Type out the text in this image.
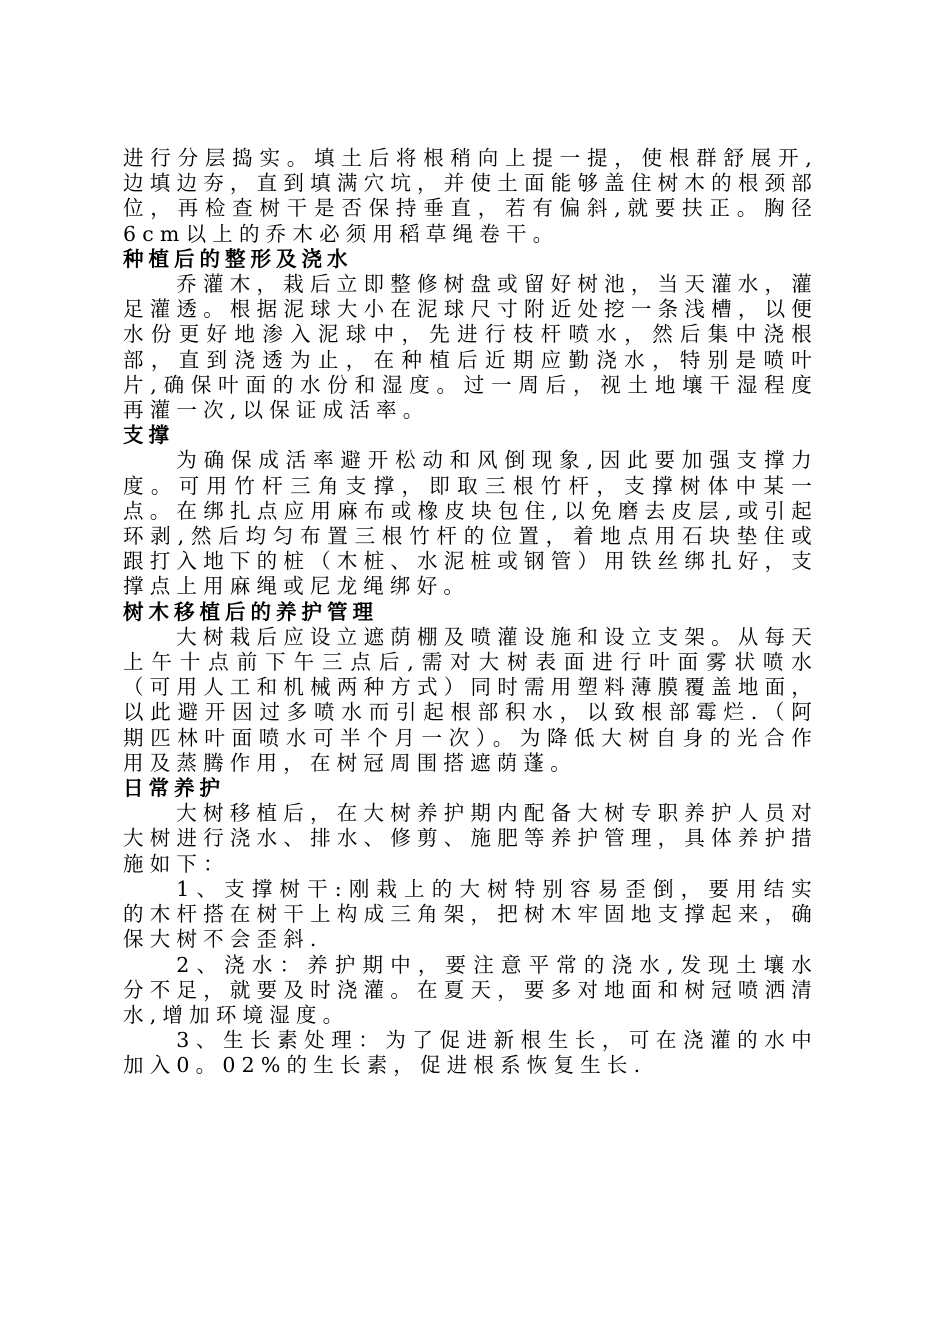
进行分层捣实。填土后将根稍向上提一提，使根群舒展开,边填边夯，直到填满穴坑，并使土面能够盖住树木的根颈部位，再检查树干是否保持垂直，若有偏斜,就要扶正。胸径6cm以上的乔木必须用稻草绳卷干。

种植后的整形及浇水

乔灌木，栽后立即整修树盘或留好树池，当天灌水，灌足灌透。根据泥球大小在泥球尺寸附近处挖一条浅槽，以便水份更好地渗入泥球中，先进行枝杆喷水，然后集中浇根部，直到浇透为止，在种植后近期应勤浇水，特别是喷叶片,确保叶面的水份和湿度。过一周后，视土地壤干湿程度再灌一次,以保证成活率。

支撑

为确保成活率避开松动和风倒现象,因此要加强支撑力度。可用竹杆三角支撑，即取三根竹杆，支撑树体中某一点。在绑扎点应用麻布或橡皮块包住,以免磨去皮层,或引起环剥,然后均匀布置三根竹杆的位置，着地点用石块垫住或跟打入地下的桩（木桩、水泥桩或钢管）用铁丝绑扎好，支撑点上用麻绳或尼龙绳绑好。

树木移植后的养护管理

大树栽后应设立遮荫棚及喷灌设施和设立支架。从每天上午十点前下午三点后,需对大树表面进行叶面雾状喷水（可用人工和机械两种方式）同时需用塑料薄膜覆盖地面，以此避开因过多喷水而引起根部积水，以致根部霉烂.（阿期匹林叶面喷水可半个月一次）。为降低大树自身的光合作用及蒸腾作用，在树冠周围搭遮荫蓬。

日常养护

大树移植后，在大树养护期内配备大树专职养护人员对大树进行浇水、排水、修剪、施肥等养护管理，具体养护措施如下：

1、支撑树干:刚栽上的大树特别容易歪倒，要用结实的木杆搭在树干上构成三角架，把树木牢固地支撑起来，确保大树不会歪斜.

2、浇水：养护期中，要注意平常的浇水,发现土壤水分不足，就要及时浇灌。在夏天，要多对地面和树冠喷洒清水,增加环境湿度。

3、生长素处理：为了促进新根生长，可在浇灌的水中加入0。02%的生长素，促进根系恢复生长.
